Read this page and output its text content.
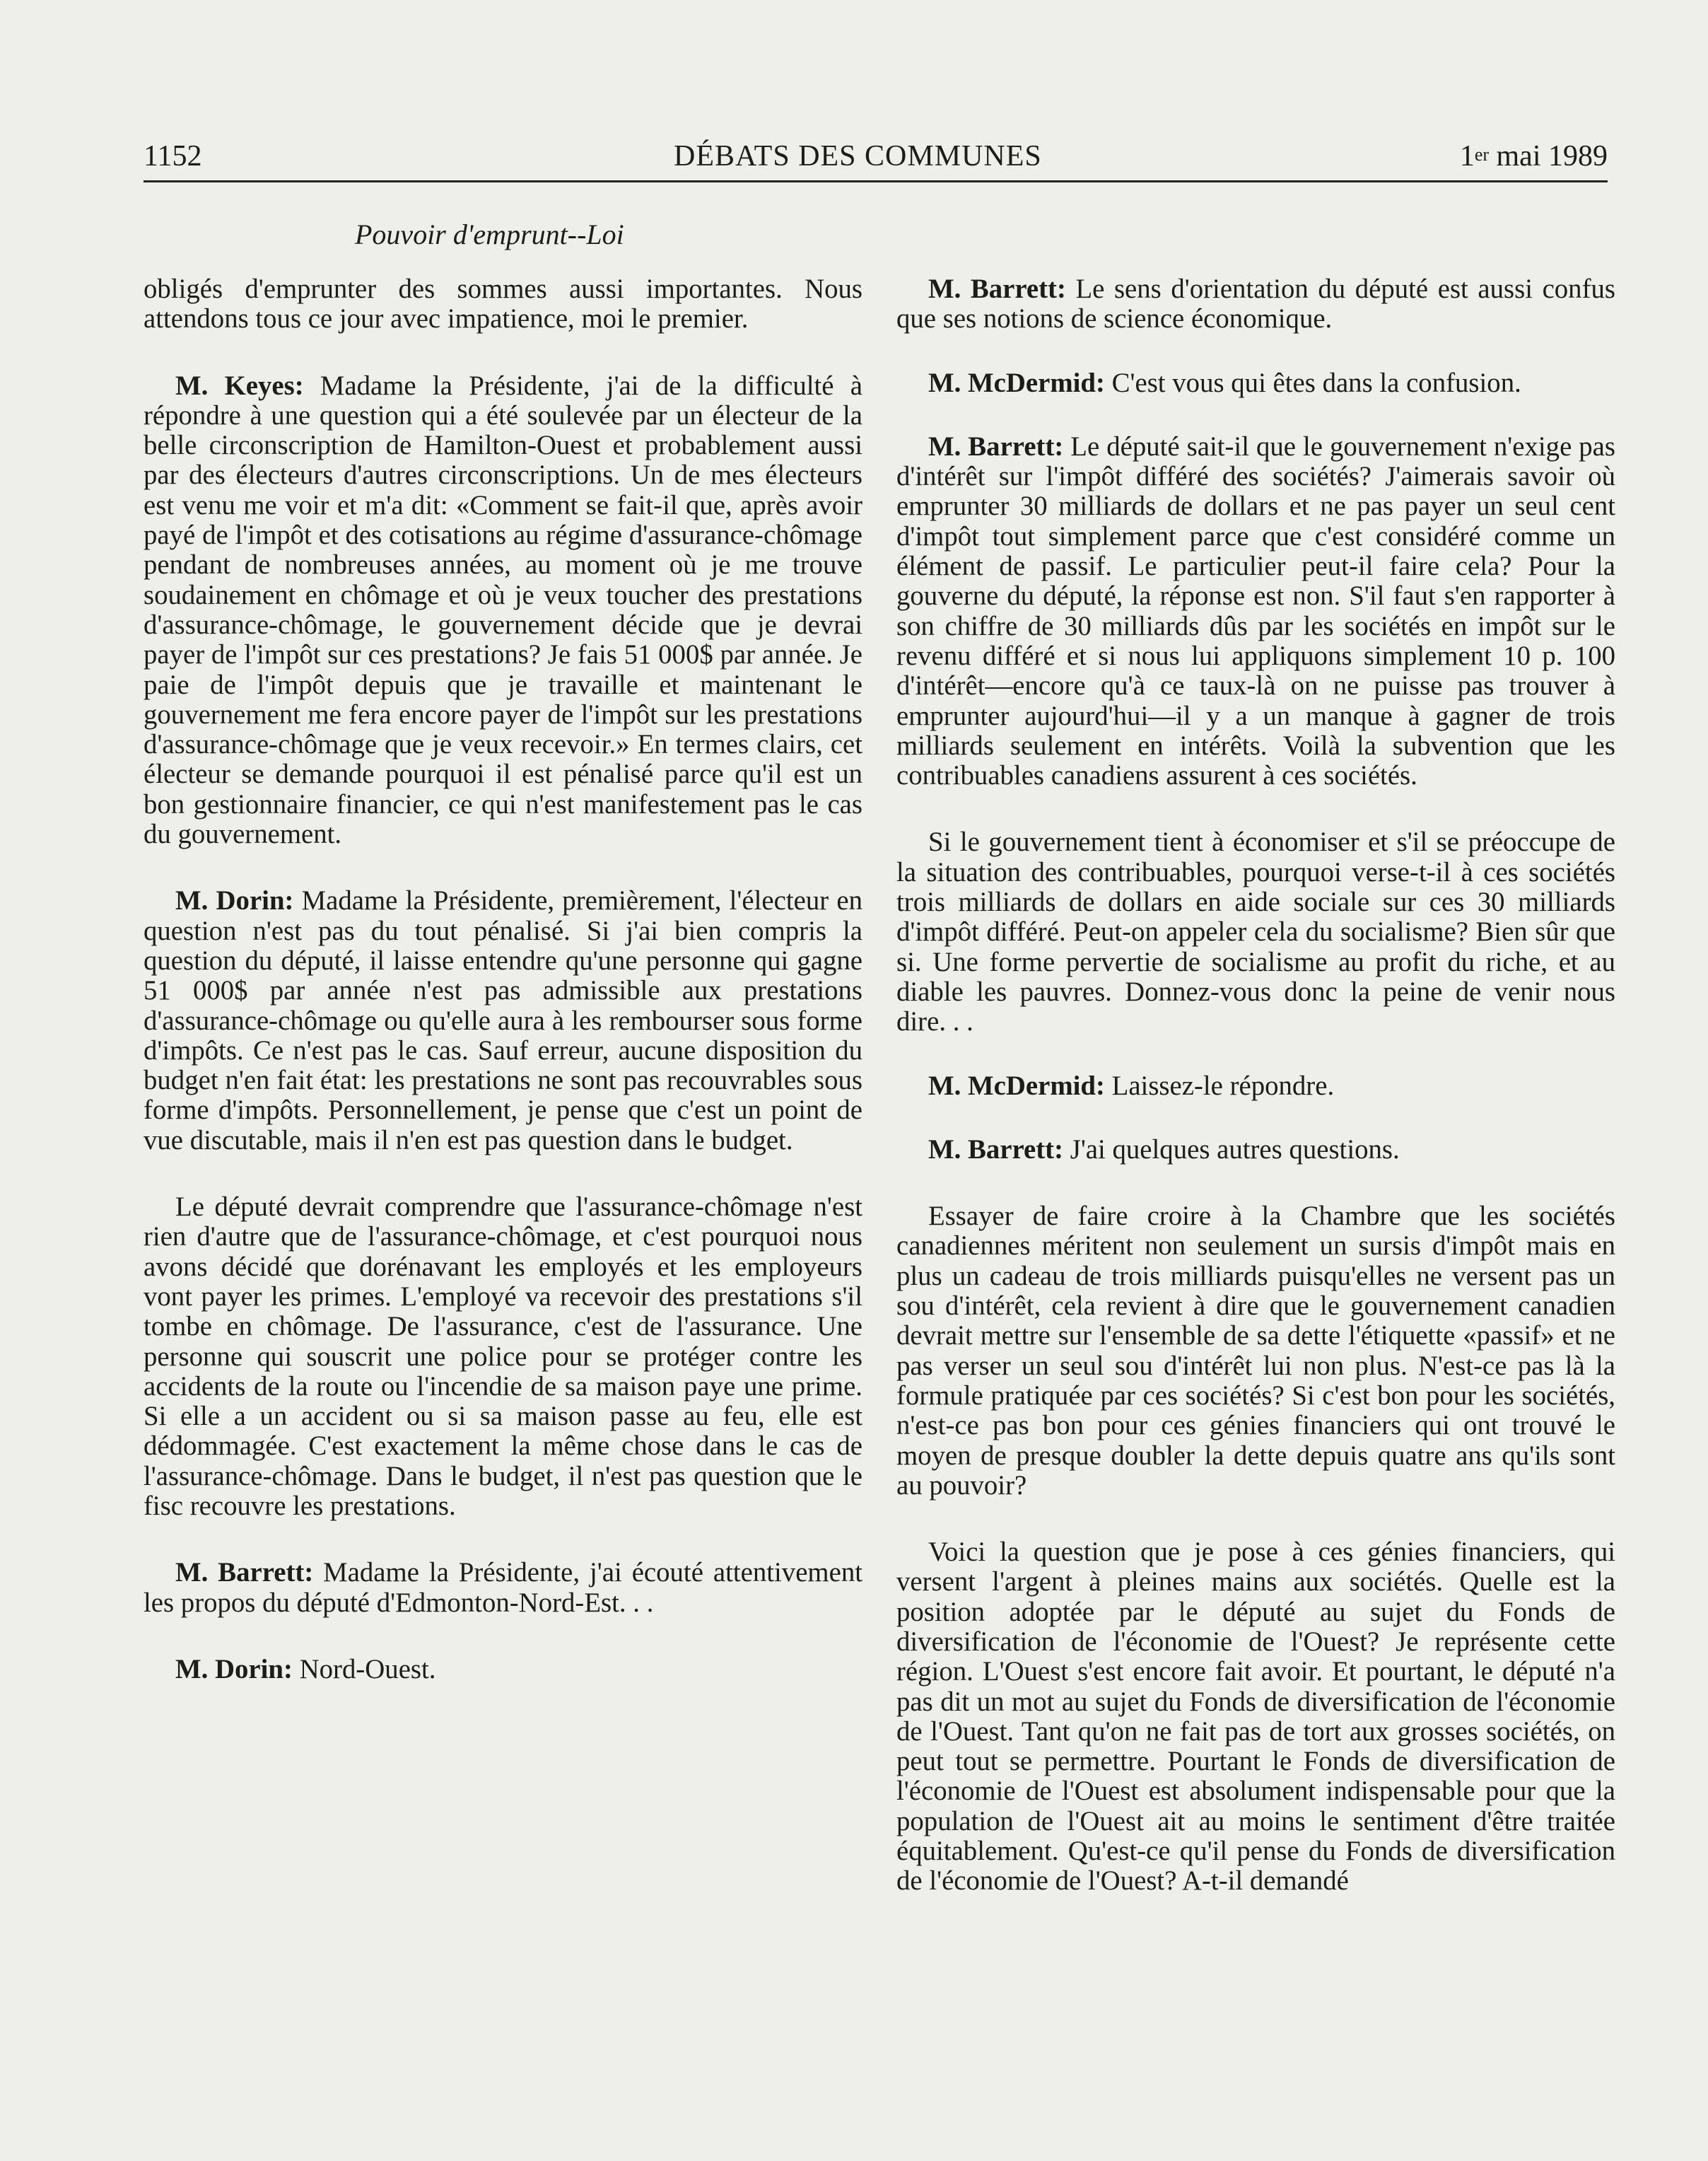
1152	DÉBATS DES COMMUNES	1er mai 1989
Pouvoir d'emprunt--Loi

obligés d'emprunter des sommes aussi importantes. Nous attendons tous ce jour avec impatience, moi le premier.

M. Keyes: Madame la Présidente, j'ai de la difficulté à répondre à une question qui a été soulevée par un électeur de la belle circonscription de Hamilton-Ouest et probablement aussi par des électeurs d'autres circonscriptions. Un de mes électeurs est venu me voir et m'a dit: «Comment se fait-il que, après avoir payé de l'impôt et des cotisations au régime d'assurance-chômage pendant de nombreuses années, au moment où je me trouve soudainement en chômage et où je veux toucher des prestations d'assurance-chômage, le gouvernement décide que je devrai payer de l'impôt sur ces prestations? Je fais 51 000$ par année. Je paie de l'impôt depuis que je travaille et maintenant le gouvernement me fera encore payer de l'impôt sur les prestations d'assurance-chômage que je veux recevoir.» En termes clairs, cet électeur se demande pourquoi il est pénalisé parce qu'il est un bon gestionnaire financier, ce qui n'est manifestement pas le cas du gouvernement.

M. Dorin: Madame la Présidente, premièrement, l'électeur en question n'est pas du tout pénalisé. Si j'ai bien compris la question du député, il laisse entendre qu'une personne qui gagne 51 000$ par année n'est pas admissible aux prestations d'assurance-chômage ou qu'elle aura à les rembourser sous forme d'impôts. Ce n'est pas le cas. Sauf erreur, aucune disposition du budget n'en fait état: les prestations ne sont pas recouvrables sous forme d'impôts. Personnellement, je pense que c'est un point de vue discutable, mais il n'en est pas question dans le budget.

Le député devrait comprendre que l'assurance-chômage n'est rien d'autre que de l'assurance-chômage, et c'est pourquoi nous avons décidé que dorénavant les employés et les employeurs vont payer les primes. L'employé va recevoir des prestations s'il tombe en chômage. De l'assurance, c'est de l'assurance. Une personne qui souscrit une police pour se protéger contre les accidents de la route ou l'incendie de sa maison paye une prime. Si elle a un accident ou si sa maison passe au feu, elle est dédommagée. C'est exactement la même chose dans le cas de l'assurance-chômage. Dans le budget, il n'est pas question que le fisc recouvre les prestations.

M. Barrett: Madame la Présidente, j'ai écouté attentivement les propos du député d'Edmonton-Nord-Est. . .

M. Dorin: Nord-Ouest.

M. Barrett: Le sens d'orientation du député est aussi confus que ses notions de science économique.

M. McDermid: C'est vous qui êtes dans la confusion.

M. Barrett: Le député sait-il que le gouvernement n'exige pas d'intérêt sur l'impôt différé des sociétés? J'aimerais savoir où emprunter 30 milliards de dollars et ne pas payer un seul cent d'impôt tout simplement parce que c'est considéré comme un élément de passif. Le particulier peut-il faire cela? Pour la gouverne du député, la réponse est non. S'il faut s'en rapporter à son chiffre de 30 milliards dûs par les sociétés en impôt sur le revenu différé et si nous lui appliquons simplement 10 p. 100 d'intérêt—encore qu'à ce taux-là on ne puisse pas trouver à emprunter aujourd'hui—il y a un manque à gagner de trois milliards seulement en intérêts. Voilà la subvention que les contribuables canadiens assurent à ces sociétés.

Si le gouvernement tient à économiser et s'il se préoccupe de la situation des contribuables, pourquoi verse-t-il à ces sociétés trois milliards de dollars en aide sociale sur ces 30 milliards d'impôt différé. Peut-on appeler cela du socialisme? Bien sûr que si. Une forme pervertie de socialisme au profit du riche, et au diable les pauvres. Donnez-vous donc la peine de venir nous dire. . .

M. McDermid: Laissez-le répondre.

M. Barrett: J'ai quelques autres questions.

Essayer de faire croire à la Chambre que les sociétés canadiennes méritent non seulement un sursis d'impôt mais en plus un cadeau de trois milliards puisqu'elles ne versent pas un sou d'intérêt, cela revient à dire que le gouvernement canadien devrait mettre sur l'ensemble de sa dette l'étiquette «passif» et ne pas verser un seul sou d'intérêt lui non plus. N'est-ce pas là la formule pratiquée par ces sociétés? Si c'est bon pour les sociétés, n'est-ce pas bon pour ces génies financiers qui ont trouvé le moyen de presque doubler la dette depuis quatre ans qu'ils sont au pouvoir?

Voici la question que je pose à ces génies financiers, qui versent l'argent à pleines mains aux sociétés. Quelle est la position adoptée par le député au sujet du Fonds de diversification de l'économie de l'Ouest? Je représente cette région. L'Ouest s'est encore fait avoir. Et pourtant, le député n'a pas dit un mot au sujet du Fonds de diversification de l'économie de l'Ouest. Tant qu'on ne fait pas de tort aux grosses sociétés, on peut tout se permettre. Pourtant le Fonds de diversification de l'économie de l'Ouest est absolument indispensable pour que la population de l'Ouest ait au moins le sentiment d'être traitée équitablement. Qu'est-ce qu'il pense du Fonds de diversification de l'économie de l'Ouest? A-t-il demandé
